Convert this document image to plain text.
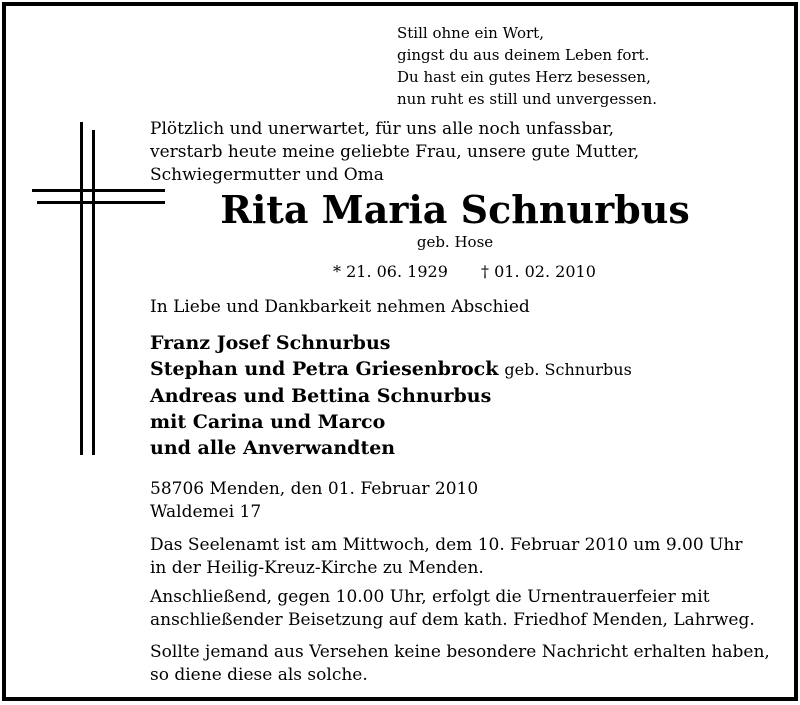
Still ohne ein Wort,
gingst du aus deinem Leben fort.
Du hast ein gutes Herz besessen,
nun ruht es still und unvergessen.
Plötzlich und unerwartet, für uns alle noch unfassbar,
verstarb heute meine geliebte Frau, unsere gute Mutter,
Schwiegermutter und Oma
Rita Maria Schnurbus
geb. Hose
* 21. 06. 1929 † 01. 02. 2010
In Liebe und Dankbarkeit nehmen Abschied
Franz Josef Schnurbus
Stephan und Petra Griesenbrock geb. Schnurbus
Andreas und Bettina Schnurbus
mit Carina und Marco
und alle Anverwandten
58706 Menden, den 01. Februar 2010
Waldemei 17
Das Seelenamt ist am Mittwoch, dem 10. Februar 2010 um 9.00 Uhr
in der Heilig-Kreuz-Kirche zu Menden.
Anschließend, gegen 10.00 Uhr, erfolgt die Urnentrauerfeier mit
anschließender Beisetzung auf dem kath. Friedhof Menden, Lahrweg.
Sollte jemand aus Versehen keine besondere Nachricht erhalten haben,
so diene diese als solche.
